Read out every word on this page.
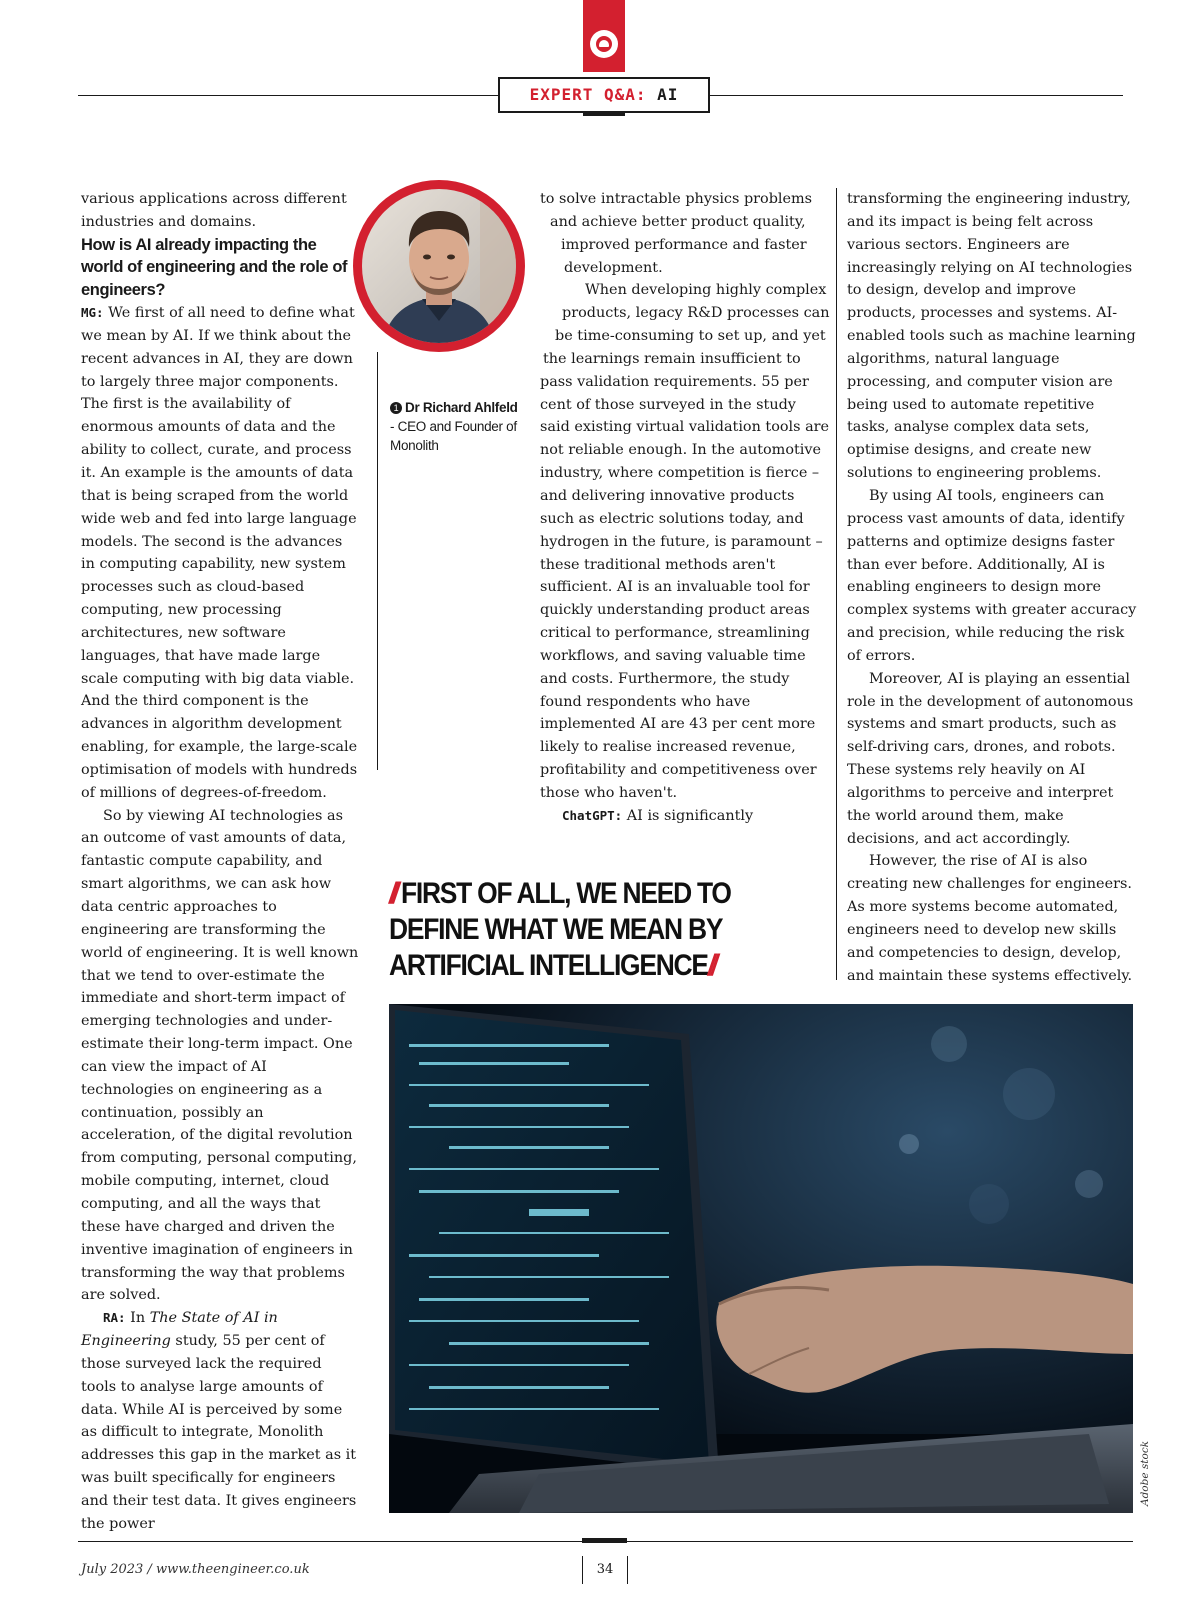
EXPERT Q&A: AI

various applications across different industries and domains.

How is AI already impacting the world of engineering and the role of engineers?

MG: We first of all need to define what we mean by AI. If we think about the recent advances in AI, they are down to largely three major components. The first is the availability of enormous amounts of data and the ability to collect, curate, and process it. An example is the amounts of data that is being scraped from the world wide web and fed into large language models. The second is the advances in computing capability, new system processes such as cloud-based computing, new processing architectures, new software languages, that have made large scale computing with big data viable. And the third component is the advances in algorithm development enabling, for example, the large-scale optimisation of models with hundreds of millions of degrees-of-freedom.

So by viewing AI technologies as an outcome of vast amounts of data, fantastic compute capability, and smart algorithms, we can ask how data centric approaches to engineering are transforming the world of engineering. It is well known that we tend to over-estimate the immediate and short-term impact of emerging technologies and under-estimate their long-term impact. One can view the impact of AI technologies on engineering as a continuation, possibly an acceleration, of the digital revolution from computing, personal computing, mobile computing, internet, cloud computing, and all the ways that these have charged and driven the inventive imagination of engineers in transforming the way that problems are solved.

RA: In The State of AI in Engineering study, 55 per cent of those surveyed lack the required tools to analyse large amounts of data. While AI is perceived by some as difficult to integrate, Monolith addresses this gap in the market as it was built specifically for engineers and their test data. It gives engineers the power

1 Dr Richard Ahlfeld
- CEO and Founder of Monolith
to solve intractable physics problems
and achieve better product quality,
improved performance and faster
development.
When developing highly complex
products, legacy R&D processes can
be time-consuming to set up, and yet
the learnings remain insufficient to

pass validation requirements. 55 per cent of those surveyed in the study said existing virtual validation tools are not reliable enough. In the automotive industry, where competition is fierce – and delivering innovative products such as electric solutions today, and hydrogen in the future, is paramount – these traditional methods aren't sufficient. AI is an invaluable tool for quickly understanding product areas critical to performance, streamlining workflows, and saving valuable time and costs. Furthermore, the study found respondents who have implemented AI are 43 per cent more likely to realise increased revenue, profitability and competitiveness over those who haven't.

ChatGPT: AI is significantly

transforming the engineering industry, and its impact is being felt across various sectors. Engineers are increasingly relying on AI technologies to design, develop and improve products, processes and systems. AI-enabled tools such as machine learning algorithms, natural language processing, and computer vision are being used to automate repetitive tasks, analyse complex data sets, optimise designs, and create new solutions to engineering problems.

By using AI tools, engineers can process vast amounts of data, identify patterns and optimize designs faster than ever before. Additionally, AI is enabling engineers to design more complex systems with greater accuracy and precision, while reducing the risk of errors.

Moreover, AI is playing an essential role in the development of autonomous systems and smart products, such as self-driving cars, drones, and robots. These systems rely heavily on AI algorithms to perceive and interpret the world around them, make decisions, and act accordingly.

However, the rise of AI is also creating new challenges for engineers. As more systems become automated, engineers need to develop new skills and competencies to design, develop, and maintain these systems effectively.

// FIRST OF ALL, WE NEED TO DEFINE WHAT WE MEAN BY ARTIFICIAL INTELLIGENCE//
Adobe stock
July 2023 / www.theengineer.co.uk	34
